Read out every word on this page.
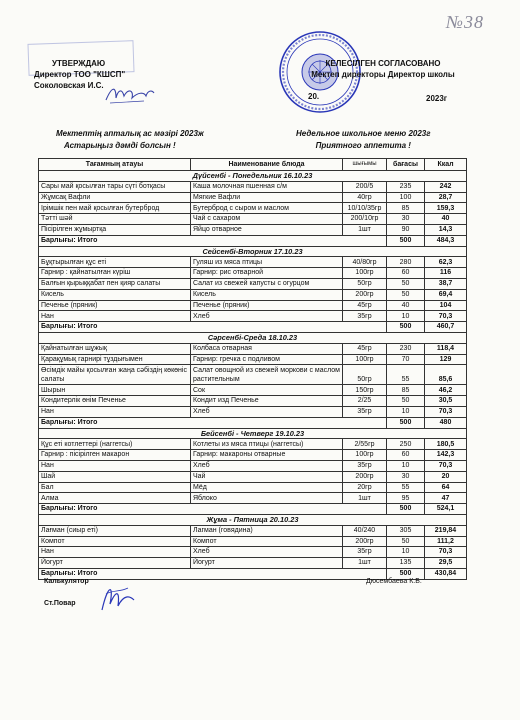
№38
УТВЕРЖДАЮ
Директор ТОО "КШСП"
Соколовская И.С.
КЕЛЕСІЛГЕН СОГЛАСОВАНО
Мектеп директоры Директор школы
20.	2023г
Мектептің апталық ас мәзірі 2023ж
Астарыңыз дәмді болсын !
Недельное школьное меню 2023г
Приятного аппетита !
Тағамның атауы	Наименование блюда	шығымы	бағасы	Ккал
Дүйсенбі - Понедельник 16.10.23				
Сары май қосылған тары сүті ботқасы	Каша молочная пшенная с/м	200/5	235	242
Жұмсақ Вафли	Мягкие Вафли	40гр	100	28,7
Ірімшік пен май қосылған бутерброд	Бутерброд с сыром и маслом	10/10/35гр	85	159,3
Тәтті шәй	Чай с сахаром	200/10гр	30	40
Пісірілген жұмыртқа	Яйцо отварное	1шт	90	14,3
Барлығы: Итого			500	484,3
Сейсенбі-Вторник 17.10.23				
Бұқтырылған құс еті	Гуляш из мяса птицы	40/80гр	280	62,3
Гарнир : қайнатылған күріш	Гарнир: рис отварной	100гр	60	116
Балғын қырыққабат пен қияр салаты	Салат из свежей капусты с огурцом	50гр	50	38,7
Кисель	Кисель	200гр	50	69,4
Печенье (пряник)	Печенье (пряник)	45гр	40	104
Нан	Хлеб	35гр	10	70,3
Барлығы: Итого			500	460,7
Сәрсенбі-Среда 18.10.23				
Қайнатылған шұжық	Колбаса отварная	45гр	230	118,4
Қарақұмық гарнирі тұздығымен	Гарнир: гречка с подливом	100гр	70	129
Өсімдік майы қосылған жаңа сәбіздің көкөніс салаты	Салат овощной из свежей моркови с маслом растительным	50гр	55	85,6
Шырын	Сок	150гр	85	46,2
Кондитерлік өнім Печенье	Кондит изд Печенье	2/25	50	30,5
Нан	Хлеб	35гр	10	70,3
Барлығы: Итого			500	480
Бейсенбі - Четверг 19.10.23				
Құс еті котлеттері (наггетсы)	Котлеты из мяса птицы (наггетсы)	2/55гр	250	180,5
Гарнир : пісірілген макарон	Гарнир: макароны отварные	100гр	60	142,3
Нан	Хлеб	35гр	10	70,3
Шай	Чай	200гр	30	20
Бал	Мёд	20гр	55	64
Алма	Яблоко	1шт	95	47
Барлығы: Итого			500	524,1
Жұма - Пятница 20.10.23				
Лағман (сиыр еті)	Лагман (говядина)	40/240	305	219,84
Компот	Компот	200гр	50	111,2
Нан	Хлеб	35гр	10	70,3
Йогурт	Йогурт	1шт	135	29,5
Барлығы: Итого			500	430,84
Калькулятор
Ст.Повар
Дюсембаева К.Б.
